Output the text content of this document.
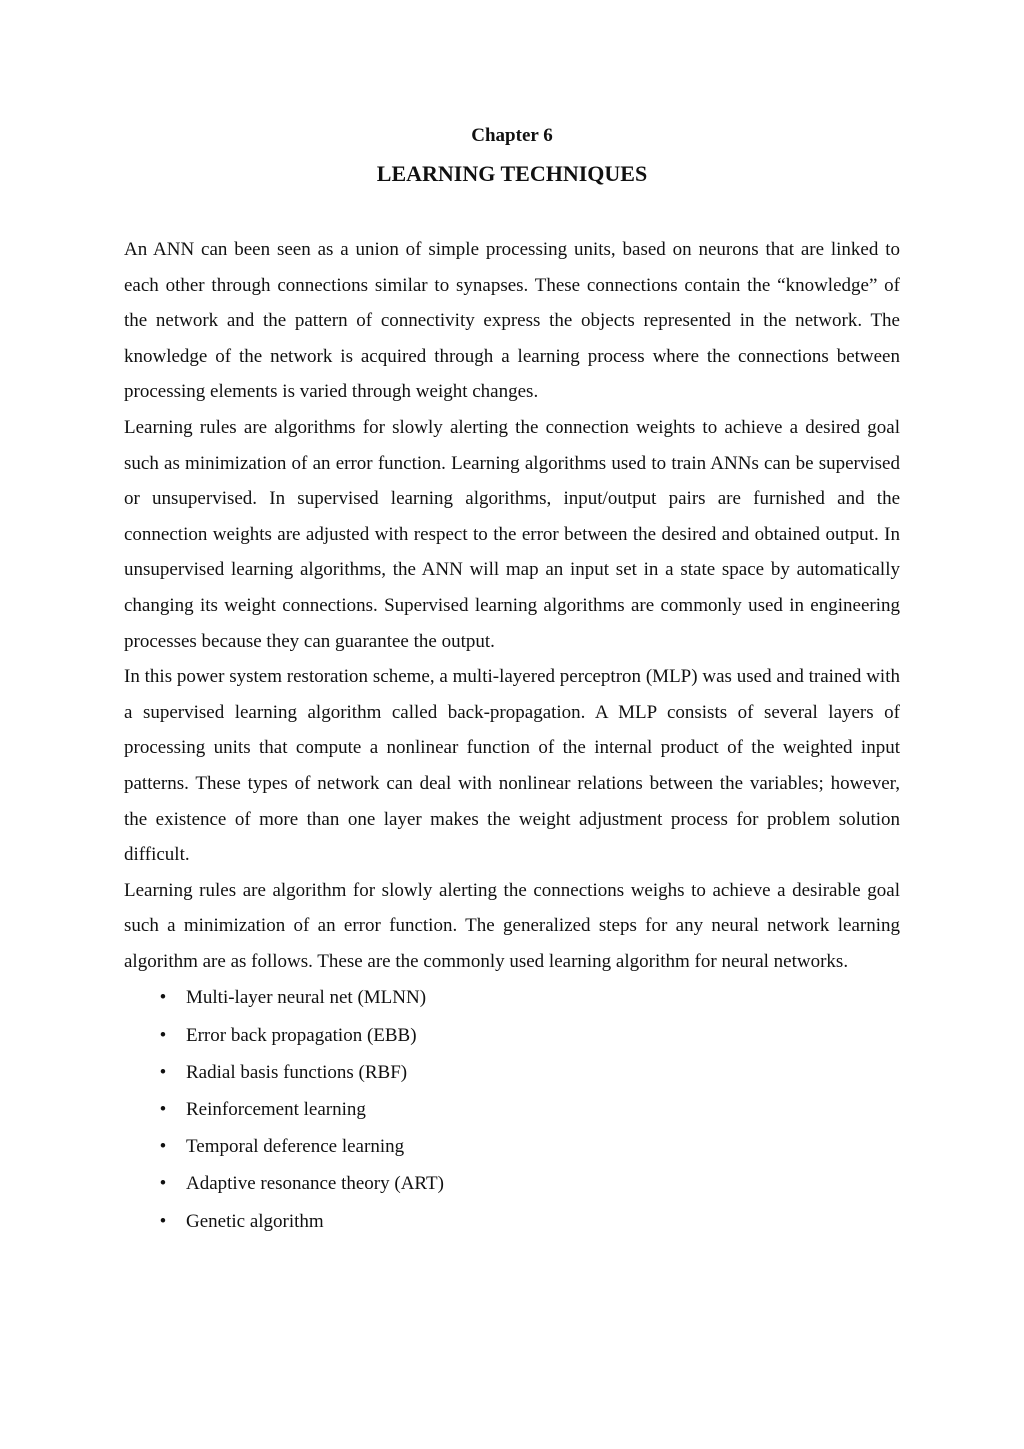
Chapter 6
LEARNING TECHNIQUES

An ANN can been seen as a union of simple processing units, based on neurons that are linked to each other through connections similar to synapses. These connections contain the “knowledge” of the network and the pattern of connectivity express the objects represented in the network. The knowledge of the network is acquired through a learning process where the connections between processing elements is varied through weight changes.

Learning rules are algorithms for slowly alerting the connection weights to achieve a desired goal such as minimization of an error function. Learning algorithms used to train ANNs can be supervised or unsupervised. In supervised learning algorithms, input/output pairs are furnished and the connection weights are adjusted with respect to the error between the desired and obtained output. In unsupervised learning algorithms, the ANN will map an input set in a state space by automatically changing its weight connections. Supervised learning algorithms are commonly used in engineering processes because they can guarantee the output.

In this power system restoration scheme, a multi-layered perceptron (MLP) was used and trained with a supervised learning algorithm called back-propagation. A MLP consists of several layers of processing units that compute a nonlinear function of the internal product of the weighted input patterns. These types of network can deal with nonlinear relations between the variables; however, the existence of more than one layer makes the weight adjustment process for problem solution difficult.

Learning rules are algorithm for slowly alerting the connections weighs to achieve a desirable goal such a minimization of an error function. The generalized steps for any neural network learning algorithm are as follows. These are the commonly used learning algorithm for neural networks.

• Multi-layer neural net (MLNN)
• Error back propagation (EBB)
• Radial basis functions (RBF)
• Reinforcement learning
• Temporal deference learning
• Adaptive resonance theory (ART)
• Genetic algorithm
